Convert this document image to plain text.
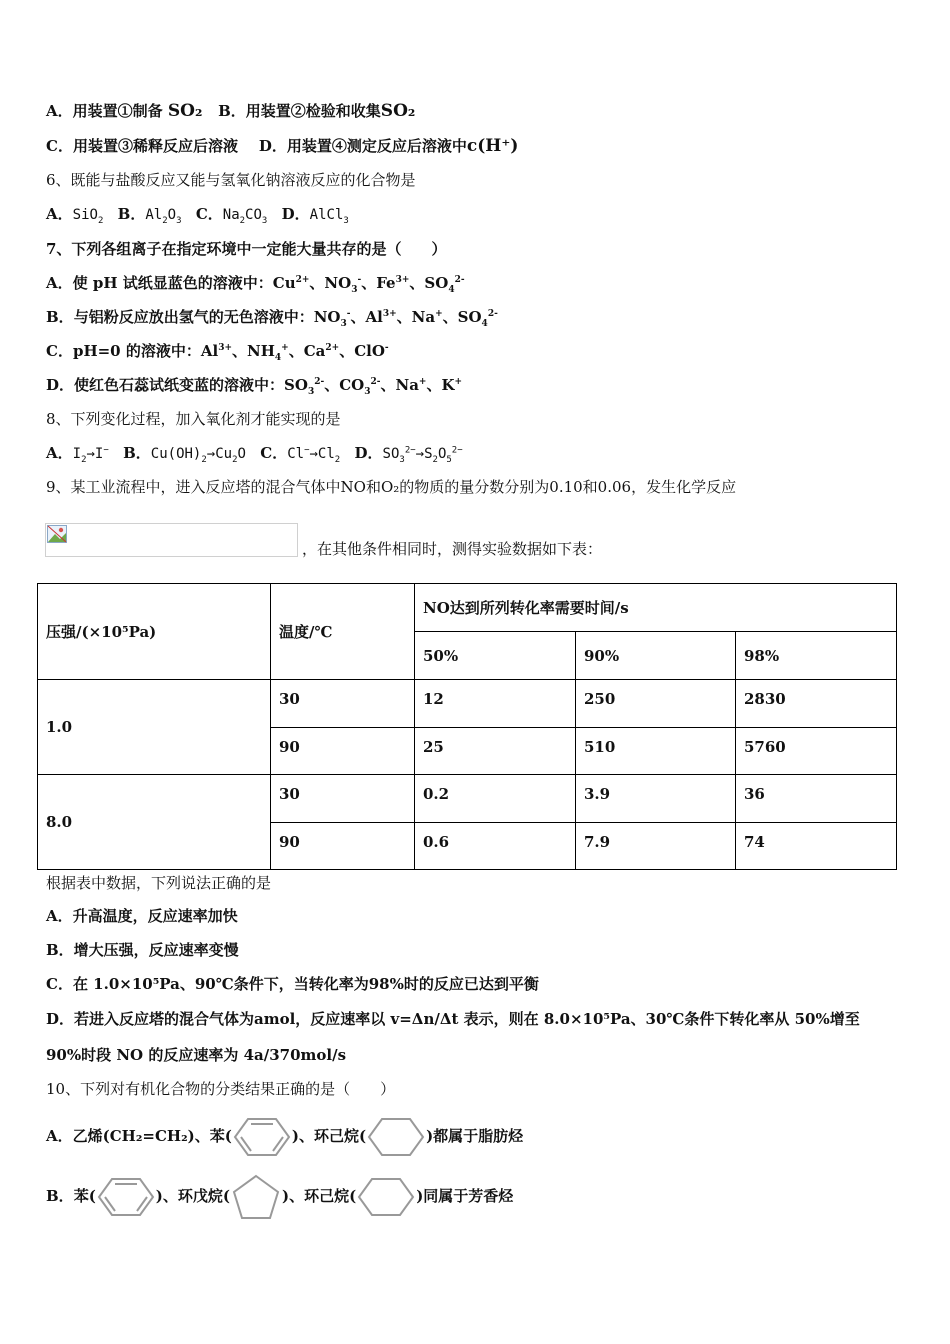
A．用装置①制备 SO₂ B．用装置②检验和收集SO₂
C．用装置③稀释反应后溶液 D．用装置④测定反应后溶液中c(H⁺)
6、既能与盐酸反应又能与氢氧化钠溶液反应的化合物是
A．SiO$_2$ B．$Al_2O_3$ C．$Na_2CO_3$ D．AlCl$_3$
7、下列各组离子在指定环境中一定能大量共存的是（　　）
A．使 pH 试纸显蓝色的溶液中：$Cu^{2+}$、$NO_3^-$、$Fe^{3+}$、$SO_4^{2-}$
B．与铝粉反应放出氢气的无色溶液中：$NO_3^-$、$Al^{3+}$、Na+、$SO_4^{2-}$
C．pH=0 的溶液中：$Al^{3+}$、$NH_4^+$、$Ca^{2+}$、ClO-
D．使红色石蕊试纸变蓝的溶液中：$SO_3^{2-}$、$CO_3^{2-}$、Na+、K+
8、下列变化过程，加入氧化剂才能实现的是
A．$I_2\to I^-$ B．$Cu(OH)_2\to Cu_2O$ C．$Cl^-\to Cl_2$ D．$SO_3^{2-}\to S_2O_5^{2-}$
9、某工业流程中，进入反应塔的混合气体中NO和O₂的物质的量分数分别为0.10和0.06，发生化学反应
，在其他条件相同时，测得实验数据如下表：
压强/(×10⁵Pa)	温度/℃	NO达到所列转化率需要时间/s		
		50%	90%	98%
1.0	30	12	250	2830
	90	25	510	5760
8.0	30	0.2	3.9	36
	90	0.6	7.9	74
根据表中数据，下列说法正确的是
A．升高温度，反应速率加快
B．增大压强，反应速率变慢
C．在 1.0×10⁵Pa、90℃条件下，当转化率为98%时的反应已达到平衡
D．若进入反应塔的混合气体为amol，反应速率以 v=Δn/Δt 表示，则在 8.0×10⁵Pa、30℃条件下转化率从 50%增至
90%时段 NO 的反应速率为 4a/370mol/s
10、下列对有机化合物的分类结果正确的是（　　）
A．乙烯(CH₂=CH₂)、苯(	)、环己烷(	)都属于脂肪烃
B．苯(	)、环戊烷(	)、环己烷(	)同属于芳香烃
